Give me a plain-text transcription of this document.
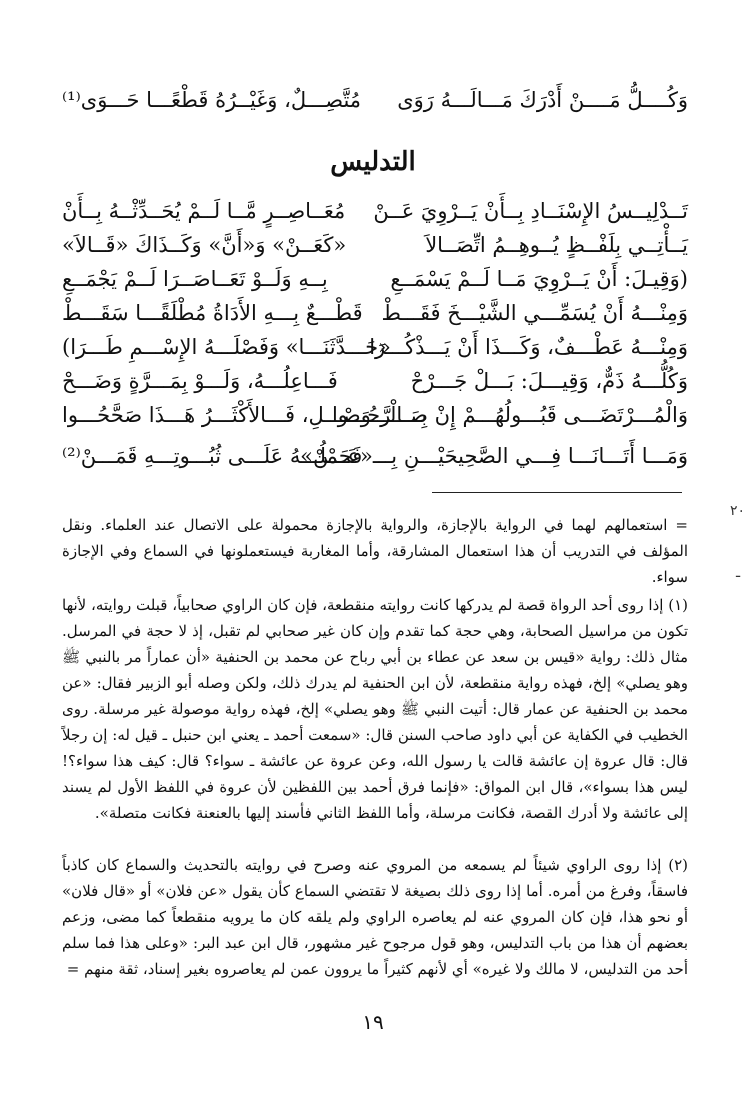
وَكُــــلُّ مَــــنْ أَدْرَكَ مَـــالَـــهُ رَوَى
مُتَّصِـــلٌ، وَغَيْــرُهُ قَطْعًـــا حَـــوَى⁽¹⁾
التدليس
تَــدْلِيــسُ الإِسْنَــادِ بِــأَنْ يَــرْوِيَ عَــنْ
مُعَــاصِــرٍ مَّــا لَــمْ يُحَــدِّثْــهُ بِــأَنْ
يَــأْتِــي بِلَفْــظٍ يُــوهِــمُ اتِّصَــالاَ
«كَعَــنْ» وَ«أَنَّ» وَكَــذَاكَ «قَــالاَ»
(وَقِيـلَ: أَنْ يَــرْوِيَ مَــا لَــمْ يَسْمَــعِ
بِــهِ وَلَــوْ تَعَــاصَــرَا لَــمْ يَجْمَــعِ
وَمِنْـــهُ أَنْ يُسَمِّـــي الشَّيْـــخَ فَقَـــطْ
قَطْـــعٌ بِـــهِ الأَدَاةُ مُطْلَقًـــا سَقَـــطْ
وَمِنْـــهُ عَطْـــفٌ، وَكَـــذَا أَنْ يَـــذْكُـــرَا
«حَـــدَّثَنَـــا» وَفَصْلَـــهُ الإِسْـــمِ طَـــرَا)
وَكُلُّـــهُ ذَمٌّ، وَقِيـــلَ: بَـــلْ جَـــرْحْ
فَـــاعِلُـــهُ، وَلَـــوْ بِمَـــرَّةٍ وَضَـــحْ
وَالْمُـــرْتَضَـــى قَبُـــولُهُـــمْ إِنْ صَـــرَّحُـــوا
بِـــالْـــوَصْـــلِ، فَـــالأَكْثَـــرُ هَـــذَا صَحَّحُـــوا
وَمَـــا أَتَـــانَـــا فِـــي الصَّحِيحَيْـــنِ بِـــ«عَـــنْ»
فَحَمْلُـــهُ عَلَـــى ثُبُـــوتِـــهِ قَمَـــنْ⁽²⁾
٢٠
ـ
= استعمالهم لهما في الرواية بالإجازة، والرواية بالإجازة محمولة على الاتصال عند العلماء. ونقل المؤلف في التدريب أن هذا استعمال المشارقة، وأما المغاربة فيستعملونها في السماع وفي الإجازة سواء.
(١) إذا روى أحد الرواة قصة لم يدركها كانت روايته منقطعة، فإن كان الراوي صحابياً، قبلت روايته، لأنها تكون من مراسيل الصحابة، وهي حجة كما تقدم وإن كان غير صحابي لم تقبل، إذ لا حجة في المرسل. مثال ذلك: رواية «قيس بن سعد عن عطاء بن أبي رباح عن محمد بن الحنفية «أن عماراً مر بالنبي ﷺ وهو يصلي» إلخ، فهذه رواية منقطعة، لأن ابن الحنفية لم يدرك ذلك، ولكن وصله أبو الزبير فقال: «عن محمد بن الحنفية عن عمار قال: أتيت النبي ﷺ وهو يصلي» إلخ، فهذه رواية موصولة غير مرسلة. روى الخطيب في الكفاية عن أبي داود صاحب السنن قال: «سمعت أحمد ـ يعني ابن حنبل ـ قيل له: إن رجلاً قال: قال عروة إن عائشة قالت يا رسول الله، وعن عروة عن عائشة ـ سواء؟ قال: كيف هذا سواء؟! ليس هذا بسواء»، قال ابن المواق: «فإنما فرق أحمد بين اللفظين لأن عروة في اللفظ الأول لم يسند إلى عائشة ولا أدرك القصة، فكانت مرسلة، وأما اللفظ الثاني فأسند إليها بالعنعنة فكانت متصلة».
(٢) إذا روى الراوي شيئاً لم يسمعه من المروي عنه وصرح في روايته بالتحديث والسماع كان كاذباً فاسقاً، وفرغ من أمره. أما إذا روى ذلك بصيغة لا تقتضي السماع كأن يقول «عن فلان» أو «قال فلان» أو نحو هذا، فإن كان المروي عنه لم يعاصره الراوي ولم يلقه كان ما يرويه منقطعاً كما مضى، وزعم بعضهم أن هذا من باب التدليس، وهو قول مرجوح غير مشهور، قال ابن عبد البر: «وعلى هذا فما سلم أحد من التدليس، لا مالك ولا غيره» أي لأنهم كثيراً ما يروون عمن لم يعاصروه بغير إسناد، ثقة منهم =
١٩
